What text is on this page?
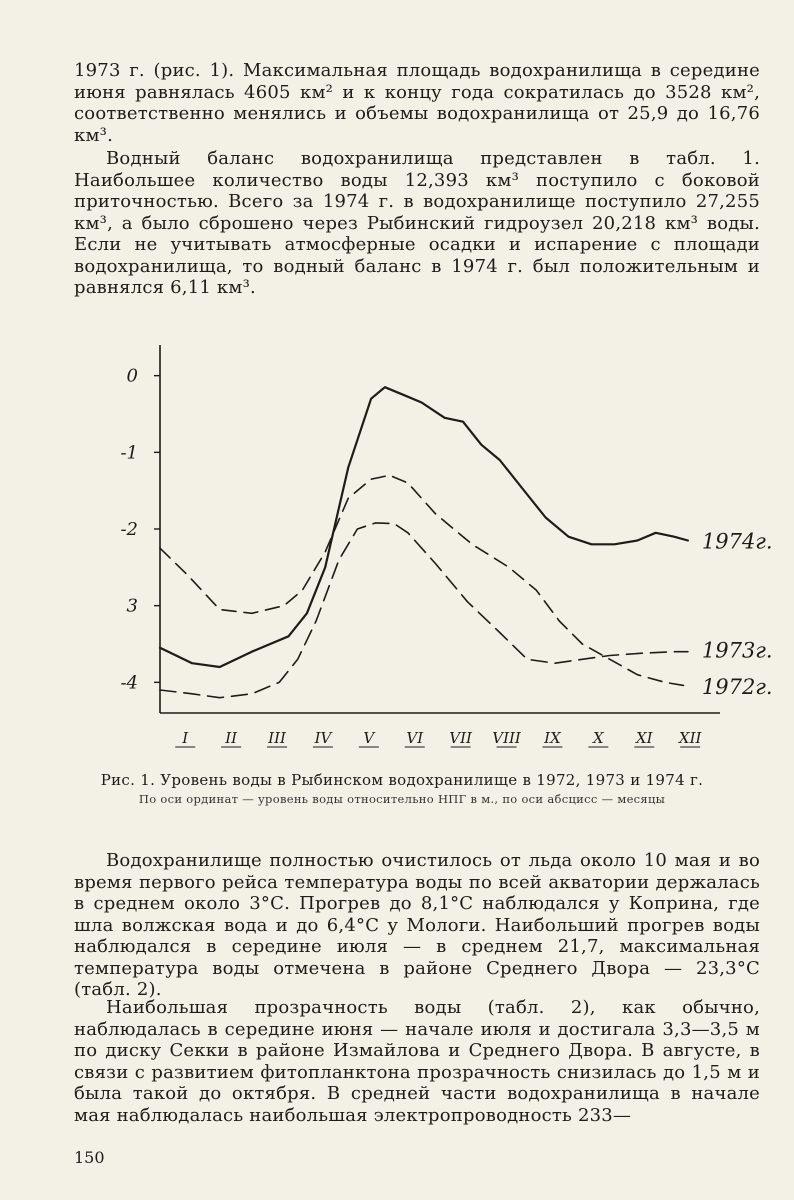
1973 г. (рис. 1). Максимальная площадь водохранилища в середине июня равнялась 4605 км² и к концу года сократилась до 3528 км², соответственно менялись и объемы водохранилища от 25,9 до 16,76 км³.

Водный баланс водохранилища представлен в табл. 1. Наибольшее количество воды 12,393 км³ поступило с боковой приточностью. Всего за 1974 г. в водохранилище поступило 27,255 км³, а было сброшено через Рыбинский гидроузел 20,218 км³ воды. Если не учитывать атмосферные осадки и испарение с площади водохранилища, то водный баланс в 1974 г. был положительным и равнялся 6,11 км³.

0
-1
-2
3
-4
I II III IV V VI VII VIII IX X XI XII
1974г.
1973г.
1972г.
Рис. 1. Уровень воды в Рыбинском водохранилище в 1972, 1973 и 1974 г.
По оси ординат — уровень воды относительно НПГ в м., по оси абсцисс — месяцы

Водохранилище полностью очистилось от льда около 10 мая и во время первого рейса температура воды по всей акватории держалась в среднем около 3°С. Прогрев до 8,1°С наблюдался у Коприна, где шла волжская вода и до 6,4°С у Мологи. Наибольший прогрев воды наблюдался в середине июля — в среднем 21,7, максимальная температура воды отмечена в районе Среднего Двора — 23,3°С (табл. 2).

Наибольшая прозрачность воды (табл. 2), как обычно, наблюдалась в середине июня — начале июля и достигала 3,3—3,5 м по диску Секки в районе Измайлова и Среднего Двора. В августе, в связи с развитием фитопланктона прозрачность снизилась до 1,5 м и была такой до октября. В средней части водохранилища в начале мая наблюдалась наибольшая электропроводность 233—

150
